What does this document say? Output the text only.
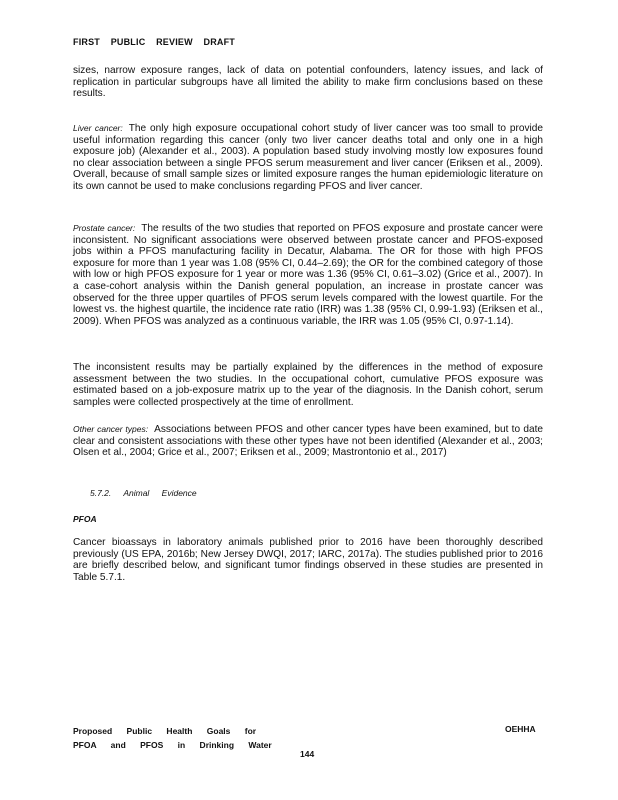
FIRST PUBLIC REVIEW DRAFT

sizes, narrow exposure ranges, lack of data on potential confounders, latency issues, and lack of replication in particular subgroups have all limited the ability to make firm conclusions based on these results.

Liver cancer: The only high exposure occupational cohort study of liver cancer was too small to provide useful information regarding this cancer (only two liver cancer deaths total and only one in a high exposure job) (Alexander et al., 2003). A population based study involving mostly low exposures found no clear association between a single PFOS serum measurement and liver cancer (Eriksen et al., 2009). Overall, because of small sample sizes or limited exposure ranges the human epidemiologic literature on its own cannot be used to make conclusions regarding PFOS and liver cancer.

Prostate cancer: The results of the two studies that reported on PFOS exposure and prostate cancer were inconsistent. No significant associations were observed between prostate cancer and PFOS-exposed jobs within a PFOS manufacturing facility in Decatur, Alabama. The OR for those with high PFOS exposure for more than 1 year was 1.08 (95% CI, 0.44–2.69); the OR for the combined category of those with low or high PFOS exposure for 1 year or more was 1.36 (95% CI, 0.61–3.02) (Grice et al., 2007). In a case-cohort analysis within the Danish general population, an increase in prostate cancer was observed for the three upper quartiles of PFOS serum levels compared with the lowest quartile. For the lowest vs. the highest quartile, the incidence rate ratio (IRR) was 1.38 (95% CI, 0.99-1.93) (Eriksen et al., 2009). When PFOS was analyzed as a continuous variable, the IRR was 1.05 (95% CI, 0.97-1.14).

The inconsistent results may be partially explained by the differences in the method of exposure assessment between the two studies. In the occupational cohort, cumulative PFOS exposure was estimated based on a job-exposure matrix up to the year of the diagnosis. In the Danish cohort, serum samples were collected prospectively at the time of enrollment.

Other cancer types: Associations between PFOS and other cancer types have been examined, but to date clear and consistent associations with these other types have not been identified (Alexander et al., 2003; Olsen et al., 2004; Grice et al., 2007; Eriksen et al., 2009; Mastrontonio et al., 2017)

5.7.2. Animal Evidence
PFOA

Cancer bioassays in laboratory animals published prior to 2016 have been thoroughly described previously (US EPA, 2016b; New Jersey DWQI, 2017; IARC, 2017a). The studies published prior to 2016 are briefly described below, and significant tumor findings observed in these studies are presented in Table 5.7.1.

Proposed Public Health Goals for
PFOA and PFOS in Drinking Water
OEHHA
144
